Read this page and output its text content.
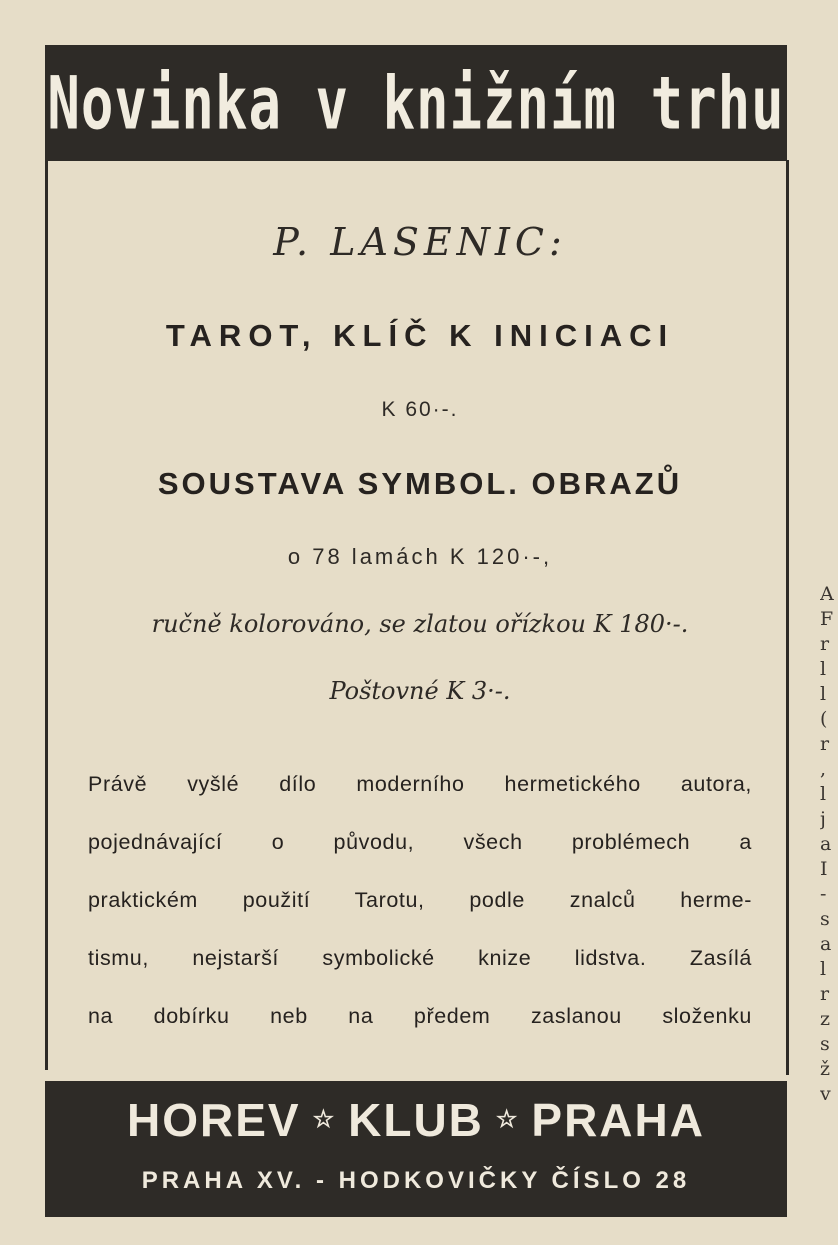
A
F
r
l
l
(
r
,
l
j
a
I
-
s
a
l
r
z
s
ž
v
Novinka v knižním trhu
P. LASENIC:
TAROT, KLÍČ K INICIACI
K 60·-.
SOUSTAVA SYMBOL. OBRAZŮ
o 78 lamách K 120·-,
ručně kolorováno, se zlatou ořízkou K 180·-.
Poštovné K 3·-.
Právě vyšlé dílo moderního hermetického autora,
pojednávající o původu, všech problémech a
praktickém použití Tarotu, podle znalců herme-
tismu, nejstarší symbolické knize lidstva. Zasílá
na dobírku neb na předem zaslanou složenku
HOREV ☆ KLUB ☆ PRAHA
PRAHA XV. - HODKOVIČKY ČÍSLO 28
